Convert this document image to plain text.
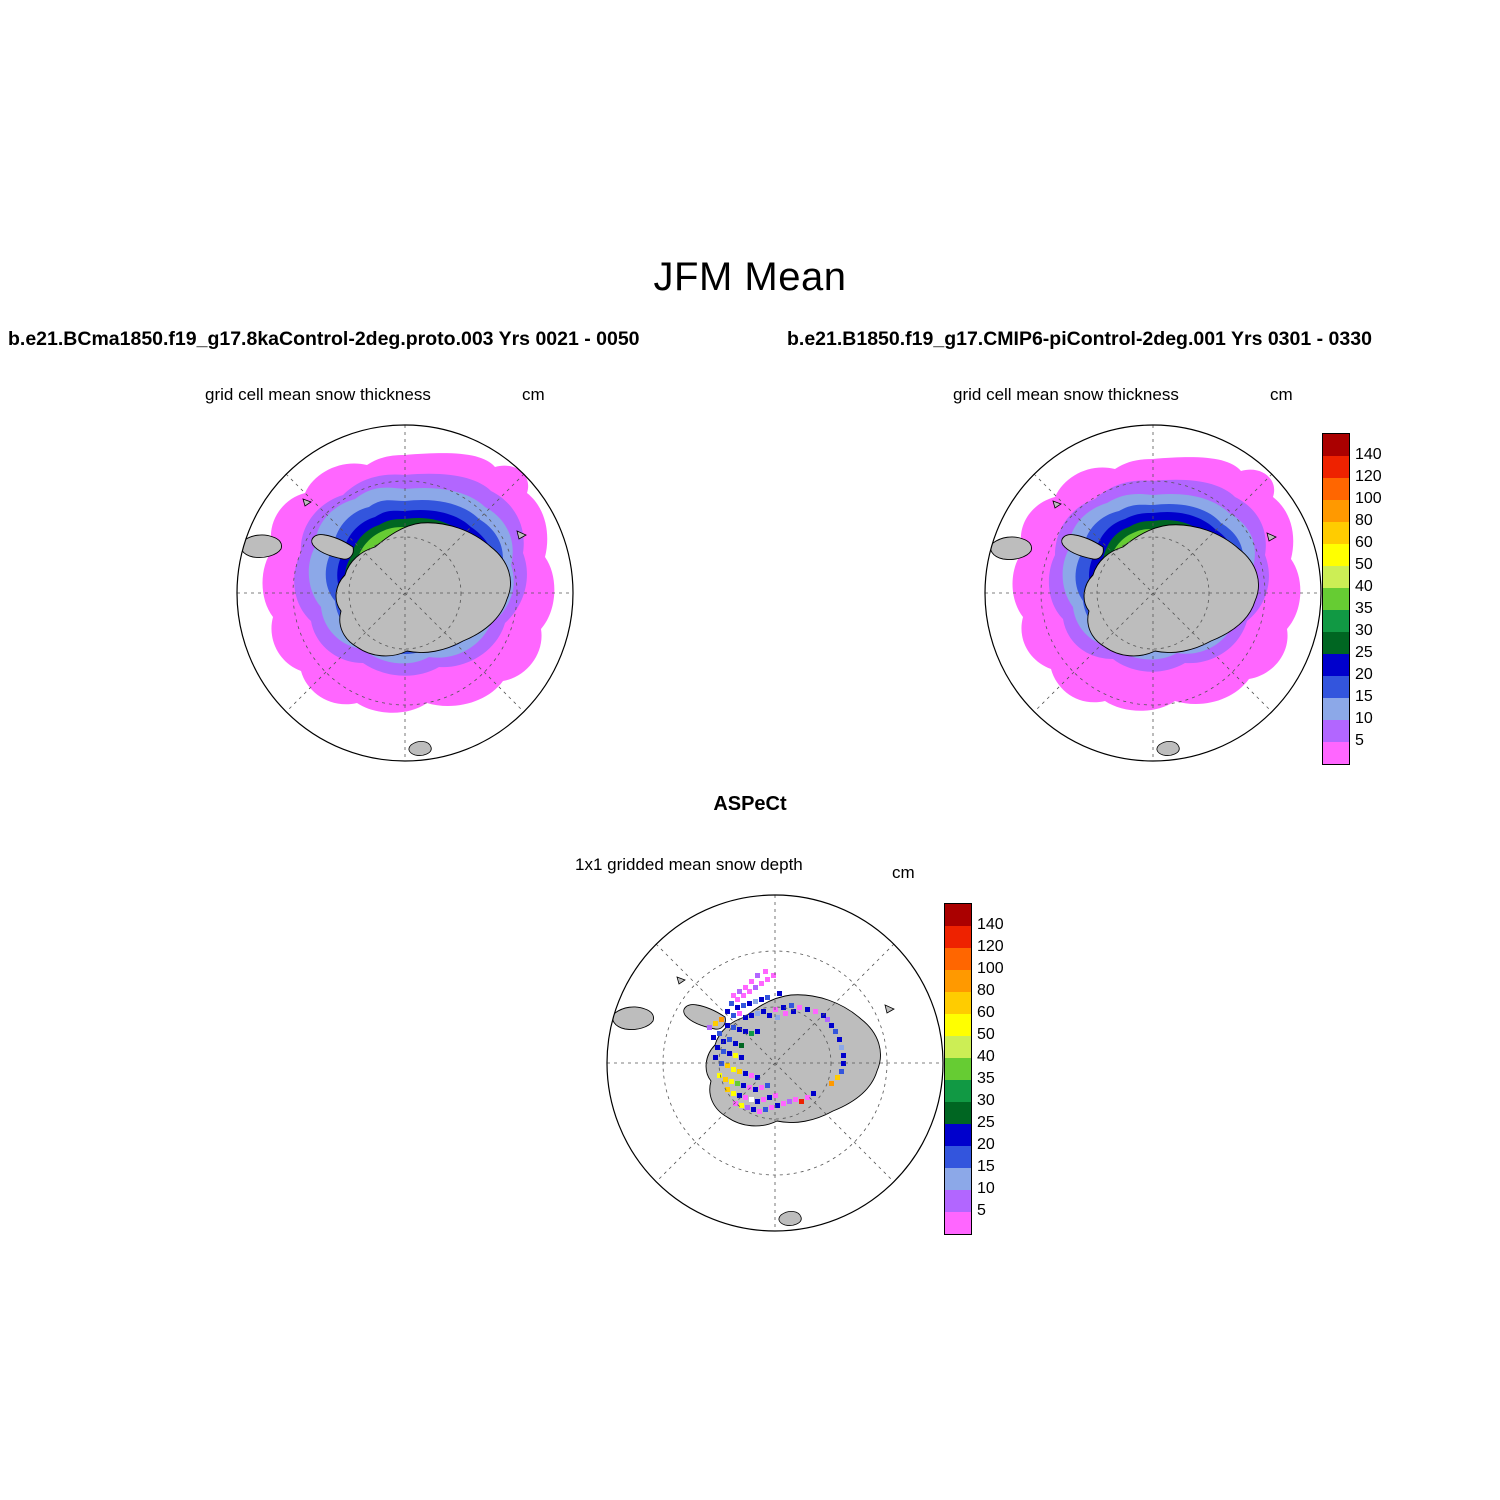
JFM Mean
b.e21.BCma1850.f19_g17.8kaControl-2deg.proto.003 Yrs 0021 - 0050	b.e21.B1850.f19_g17.CMIP6-piControl-2deg.001 Yrs 0301 - 0330
grid cell mean snow thickness	cm	grid cell mean snow thickness	cm
140
120
100
80
60
50
40
35
30
25
20
15
10
5
ASPeCt
1x1 gridded mean snow depth	cm
140
120
100
80
60
50
40
35
30
25
20
15
10
5
